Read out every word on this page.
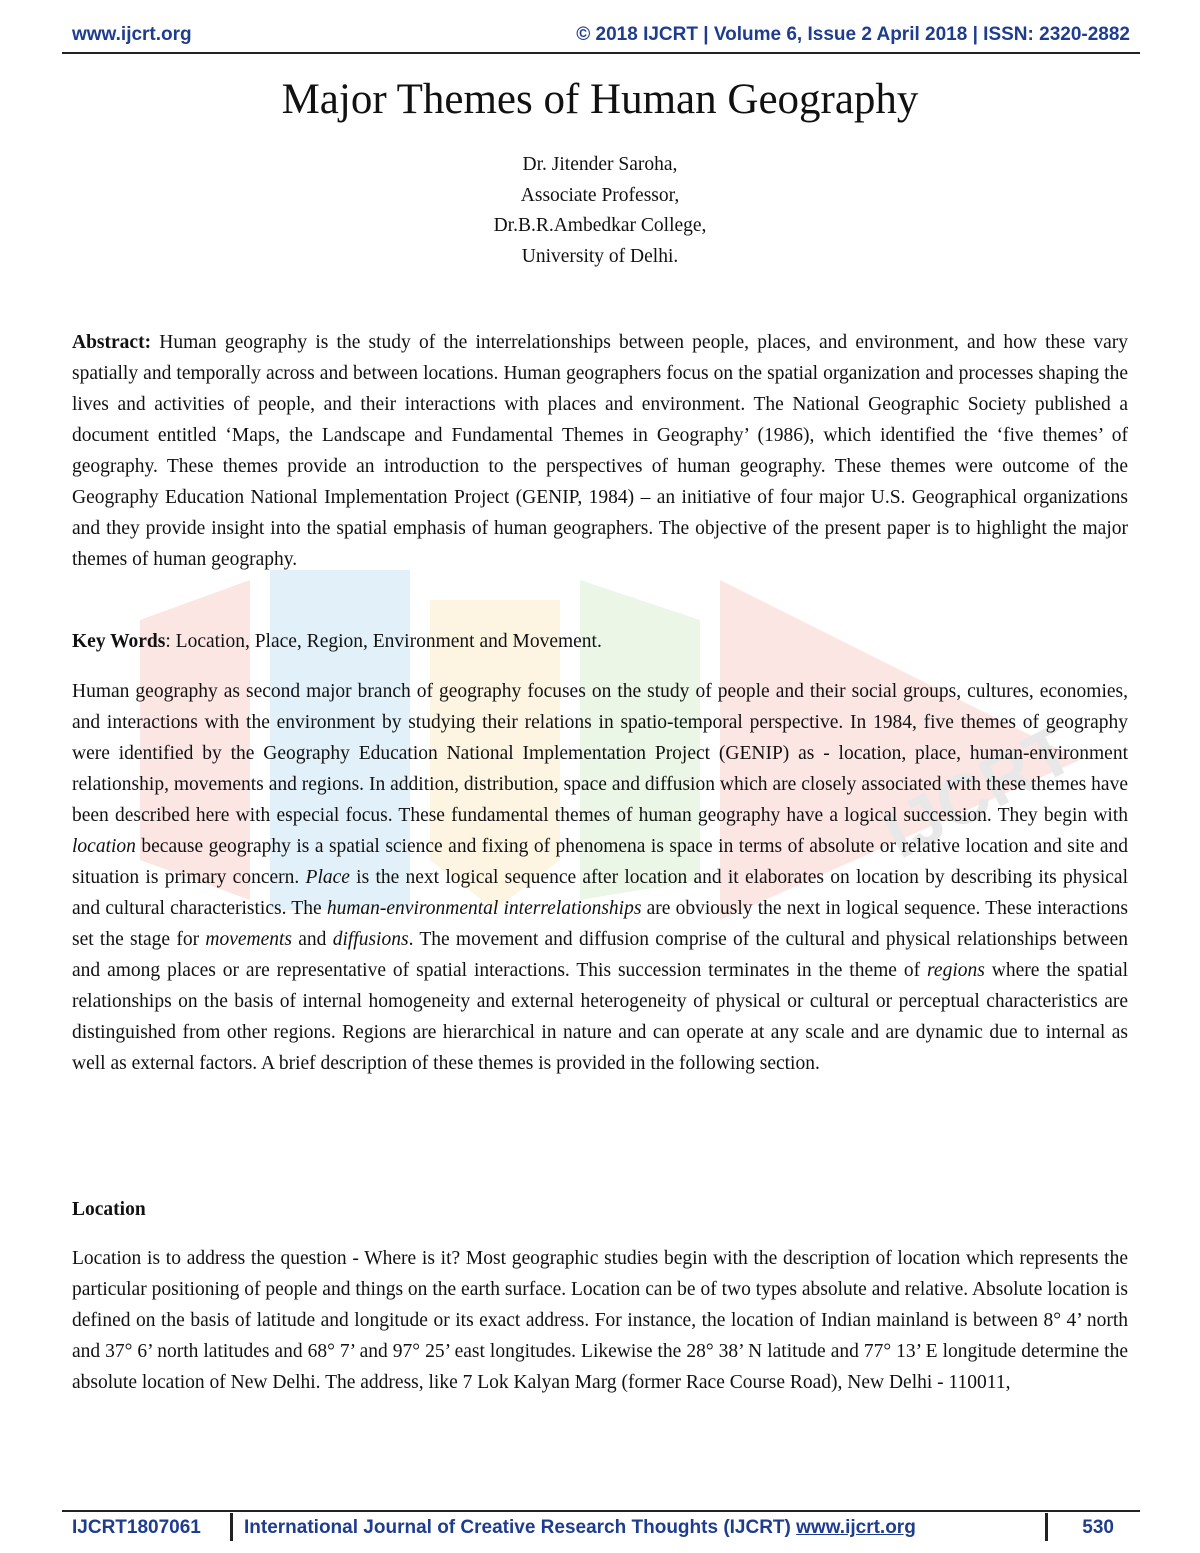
www.ijcrt.org	© 2018 IJCRT | Volume 6, Issue 2 April 2018 | ISSN: 2320-2882
IJCRT
Major Themes of Human Geography
Dr. Jitender Saroha,
Associate Professor,
Dr.B.R.Ambedkar College,
University of Delhi.

Abstract: Human geography is the study of the interrelationships between people, places, and environment, and how these vary spatially and temporally across and between locations. Human geographers focus on the spatial organization and processes shaping the lives and activities of people, and their interactions with places and environment. The National Geographic Society published a document entitled ‘Maps, the Landscape and Fundamental Themes in Geography’ (1986), which identified the ‘five themes’ of geography. These themes provide an introduction to the perspectives of human geography. These themes were outcome of the Geography Education National Implementation Project (GENIP, 1984) – an initiative of four major U.S. Geographical organizations and they provide insight into the spatial emphasis of human geographers. The objective of the present paper is to highlight the major themes of human geography.

Key Words: Location, Place, Region, Environment and Movement.

Human geography as second major branch of geography focuses on the study of people and their social groups, cultures, economies, and interactions with the environment by studying their relations in spatio-temporal perspective. In 1984, five themes of geography were identified by the Geography Education National Implementation Project (GENIP) as - location, place, human-environment relationship, movements and regions. In addition, distribution, space and diffusion which are closely associated with these themes have been described here with especial focus. These fundamental themes of human geography have a logical succession. They begin with location because geography is a spatial science and fixing of phenomena is space in terms of absolute or relative location and site and situation is primary concern. Place is the next logical sequence after location and it elaborates on location by describing its physical and cultural characteristics. The human-environmental interrelationships are obviously the next in logical sequence. These interactions set the stage for movements and diffusions. The movement and diffusion comprise of the cultural and physical relationships between and among places or are representative of spatial interactions. This succession terminates in the theme of regions where the spatial relationships on the basis of internal homogeneity and external heterogeneity of physical or cultural or perceptual characteristics are distinguished from other regions. Regions are hierarchical in nature and can operate at any scale and are dynamic due to internal as well as external factors. A brief description of these themes is provided in the following section.

Location

Location is to address the question - Where is it? Most geographic studies begin with the description of location which represents the particular positioning of people and things on the earth surface. Location can be of two types absolute and relative. Absolute location is defined on the basis of latitude and longitude or its exact address. For instance, the location of Indian mainland is between 8° 4’ north and 37° 6’ north latitudes and 68° 7’ and 97° 25’ east longitudes. Likewise the 28° 38’ N latitude and 77° 13’ E longitude determine the absolute location of New Delhi. The address, like 7 Lok Kalyan Marg (former Race Course Road), New Delhi - 110011,

IJCRT1807061 International Journal of Creative Research Thoughts (IJCRT) www.ijcrt.org	530
